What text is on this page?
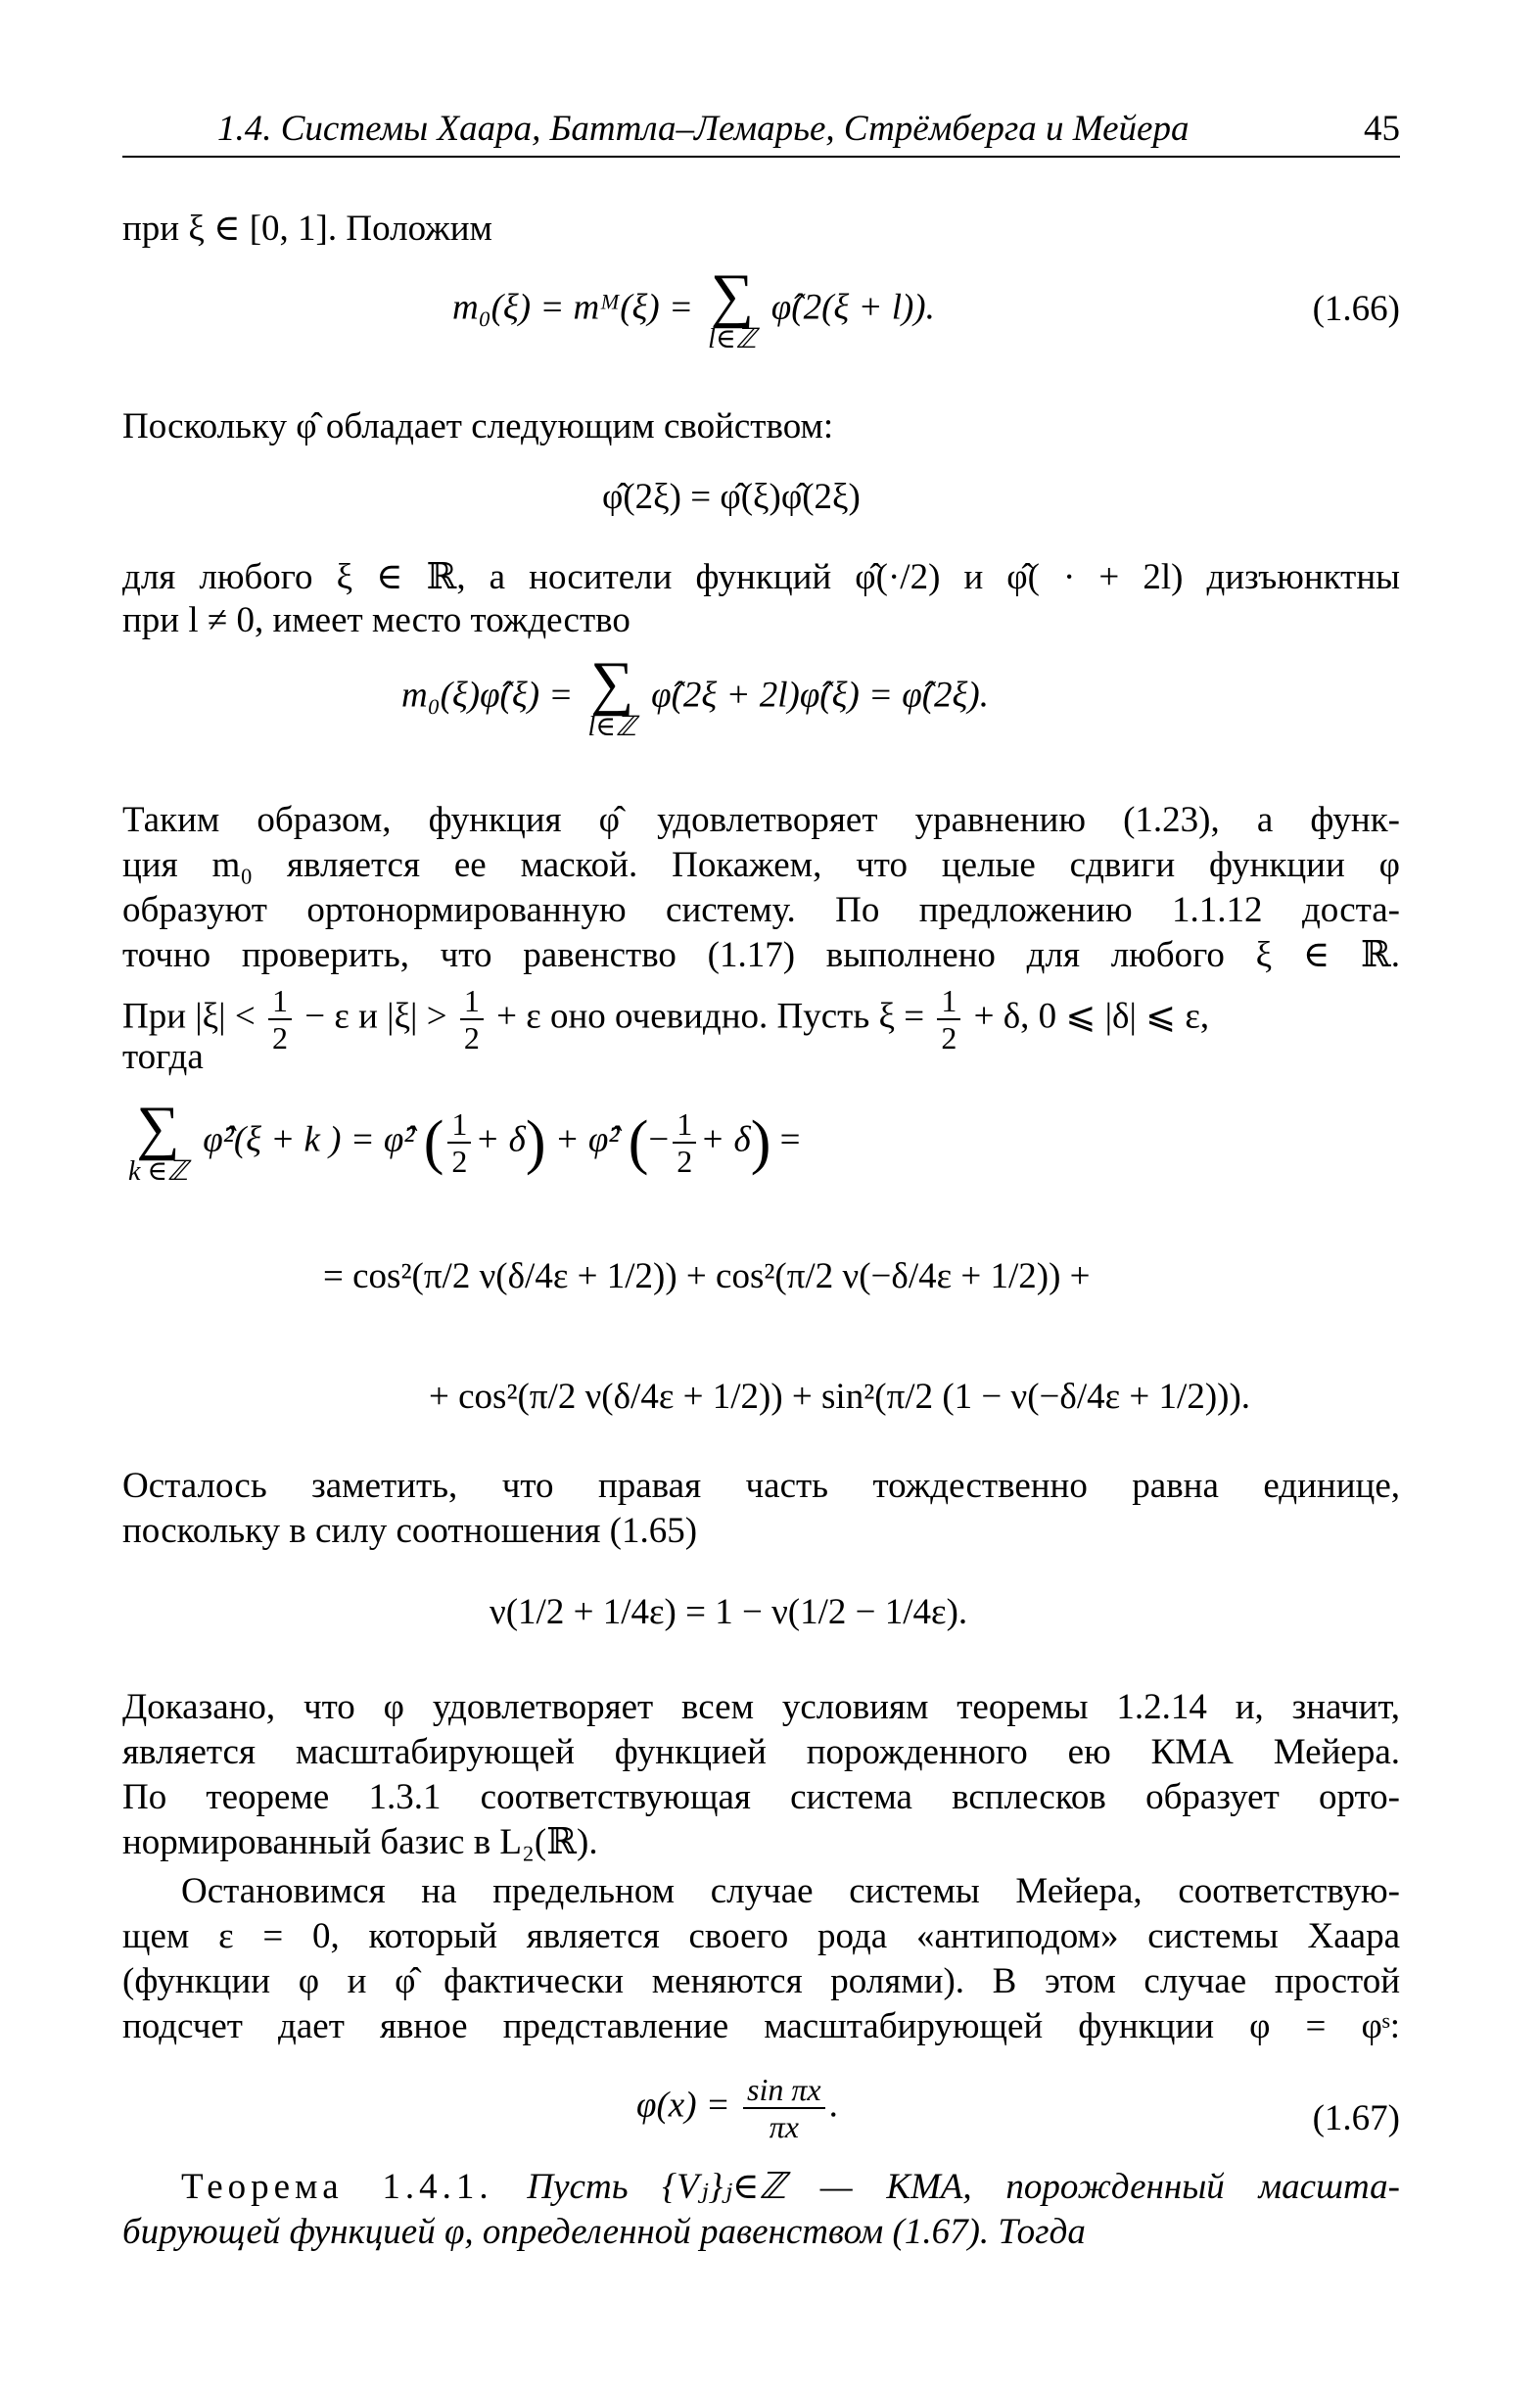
1.4. Системы Хаара, Баттла–Лемарье, Стрёмберга и Мейера	45
при ξ ∈ [0, 1]. Положим
m₀(ξ) = mᴹ(ξ) = ∑
l∈ℤ
φ̂(2(ξ + l)).	(1.66)
Поскольку φ̂ обладает следующим свойством:
φ̂(2ξ) = φ̂(ξ)φ̂(2ξ)
для любого ξ ∈ ℝ, а носители функций φ̂(·/2) и φ̂( · + 2l) дизъюнктны
при l ≠ 0, имеет место тождество
m₀(ξ)φ̂(ξ) = ∑
l∈ℤ
φ̂(2ξ + 2l)φ̂(ξ) = φ̂(2ξ).
Таким образом, функция φ̂ удовлетворяет уравнению (1.23), а функ-
ция m₀ является ее маской. Покажем, что целые сдвиги функции φ
образуют ортонормированную систему. По предложению 1.1.12 доста-
точно проверить, что равенство (1.17) выполнено для любого ξ ∈ ℝ.
При $|\xi| < \frac{1}{2} - \varepsilon$ и $|\xi| > \frac{1}{2} + \varepsilon$ оно очевидно. Пусть $\xi = \frac{1}{2} + \delta$, 0 ⩽ |δ| ⩽ ε,
тогда
∑
k ∈ℤ
φ̂²(ξ + k ) = φ̂² ( $\frac{1}{2} + \delta$) + φ̂² (− $\frac{1}{2} + \delta$) =
= cos²(π/2 ν(δ/4ε + 1/2)) + cos²(π/2 ν(−δ/4ε + 1/2)) +
+ cos²(π/2 ν(δ/4ε + 1/2)) + sin²(π/2 (1 − ν(−δ/4ε + 1/2))).
Осталось заметить, что правая часть тождественно равна единице,
поскольку в силу соотношения (1.65)
ν(1/2 + 1/4ε) = 1 − ν(1/2 − 1/4ε).
Доказано, что φ удовлетворяет всем условиям теоремы 1.2.14 и, значит,
является масштабирующей функцией порожденного ею КМА Мейера.
По теореме 1.3.1 соответствующая система всплесков образует орто-
нормированный базис в L₂(ℝ).
Остановимся на предельном случае системы Мейера, соответствую-
щем ε = 0, который является своего рода «антиподом» системы Хаара
(функции φ и φ̂ фактически меняются ролями). В этом случае простой
подсчет дает явное представление масштабирующей функции φ = φˢ:
$\varphi(x) = \frac{\text{sin πx}}{\pi x}$ .	(1.67)
Теорема 1.4.1. Пусть {Vⱼ}ⱼ∈ℤ — КМА, порожденный масшта-
бирующей функцией φ, определенной равенством (1.67). Тогда
